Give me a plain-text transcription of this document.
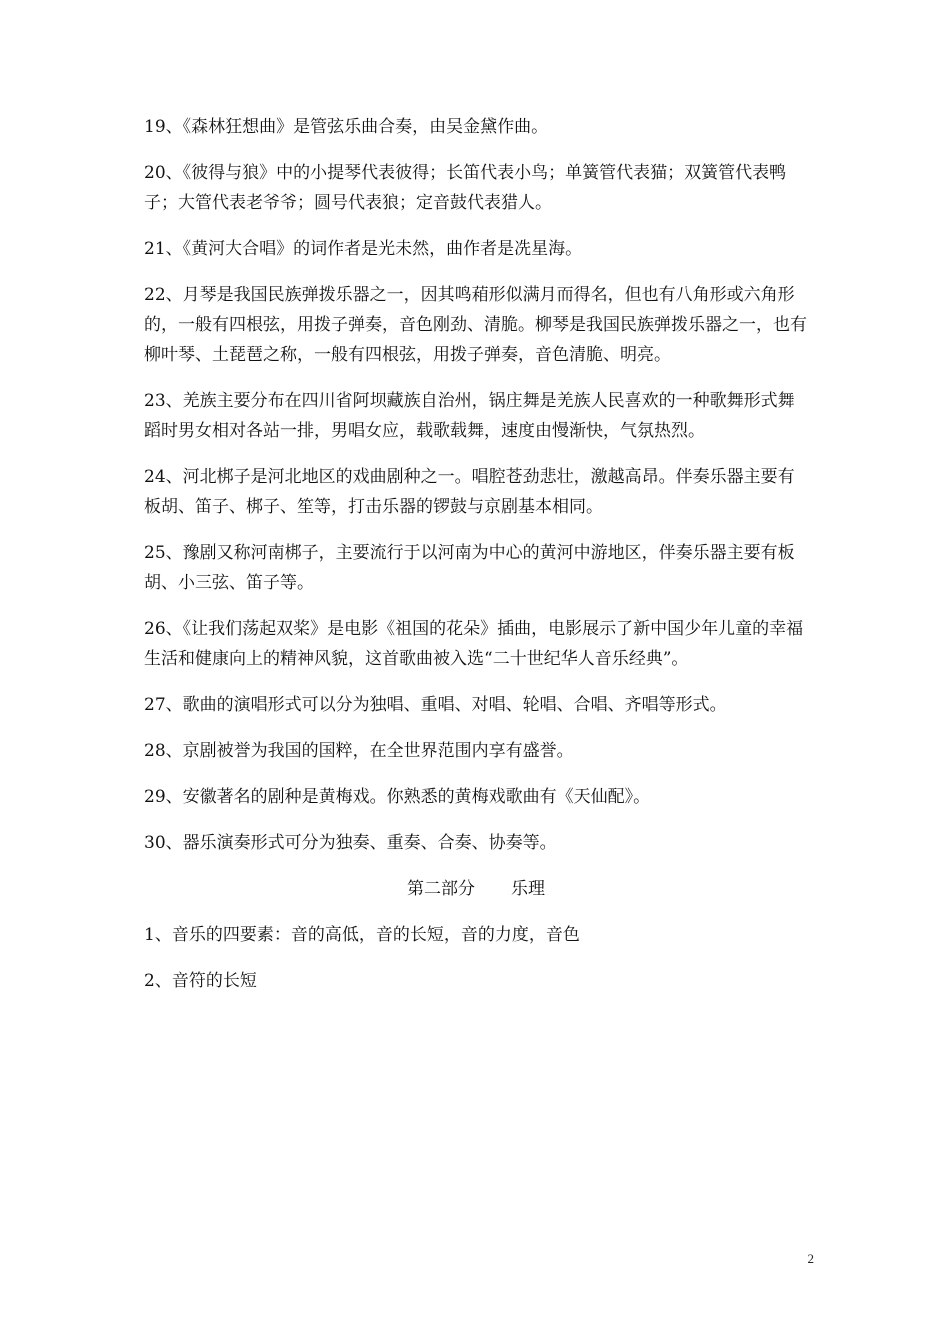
19、《森林狂想曲》是管弦乐曲合奏，由吴金黛作曲。

20、《彼得与狼》中的小提琴代表彼得；长笛代表小鸟；单簧管代表猫；双簧管代表鸭子；大管代表老爷爷；圆号代表狼；定音鼓代表猎人。

21、《黄河大合唱》的词作者是光未然，曲作者是冼星海。

22、月琴是我国民族弹拨乐器之一，因其鸣葙形似满月而得名，但也有八角形或六角形的，一般有四根弦，用拨子弹奏，音色刚劲、清脆。柳琴是我国民族弹拨乐器之一，也有柳叶琴、土琵琶之称，一般有四根弦，用拨子弹奏，音色清脆、明亮。

23、羌族主要分布在四川省阿坝藏族自治州，锅庄舞是羌族人民喜欢的一种歌舞形式舞蹈时男女相对各站一排，男唱女应，载歌载舞，速度由慢渐快，气氛热烈。

24、河北梆子是河北地区的戏曲剧种之一。唱腔苍劲悲壮，激越高昂。伴奏乐器主要有板胡、笛子、梆子、笙等，打击乐器的锣鼓与京剧基本相同。

25、豫剧又称河南梆子，主要流行于以河南为中心的黄河中游地区，伴奏乐器主要有板胡、小三弦、笛子等。

26、《让我们荡起双桨》是电影《祖国的花朵》插曲，电影展示了新中国少年儿童的幸福生活和健康向上的精神风貌，这首歌曲被入选“二十世纪华人音乐经典”。

27、歌曲的演唱形式可以分为独唱、重唱、对唱、轮唱、合唱、齐唱等形式。

28、京剧被誉为我国的国粹，在全世界范围内享有盛誉。

29、安徽著名的剧种是黄梅戏。你熟悉的黄梅戏歌曲有《天仙配》。

30、器乐演奏形式可分为独奏、重奏、合奏、协奏等。

第二部分 乐理

1、音乐的四要素：音的高低，音的长短，音的力度，音色

2、音符的长短

2
